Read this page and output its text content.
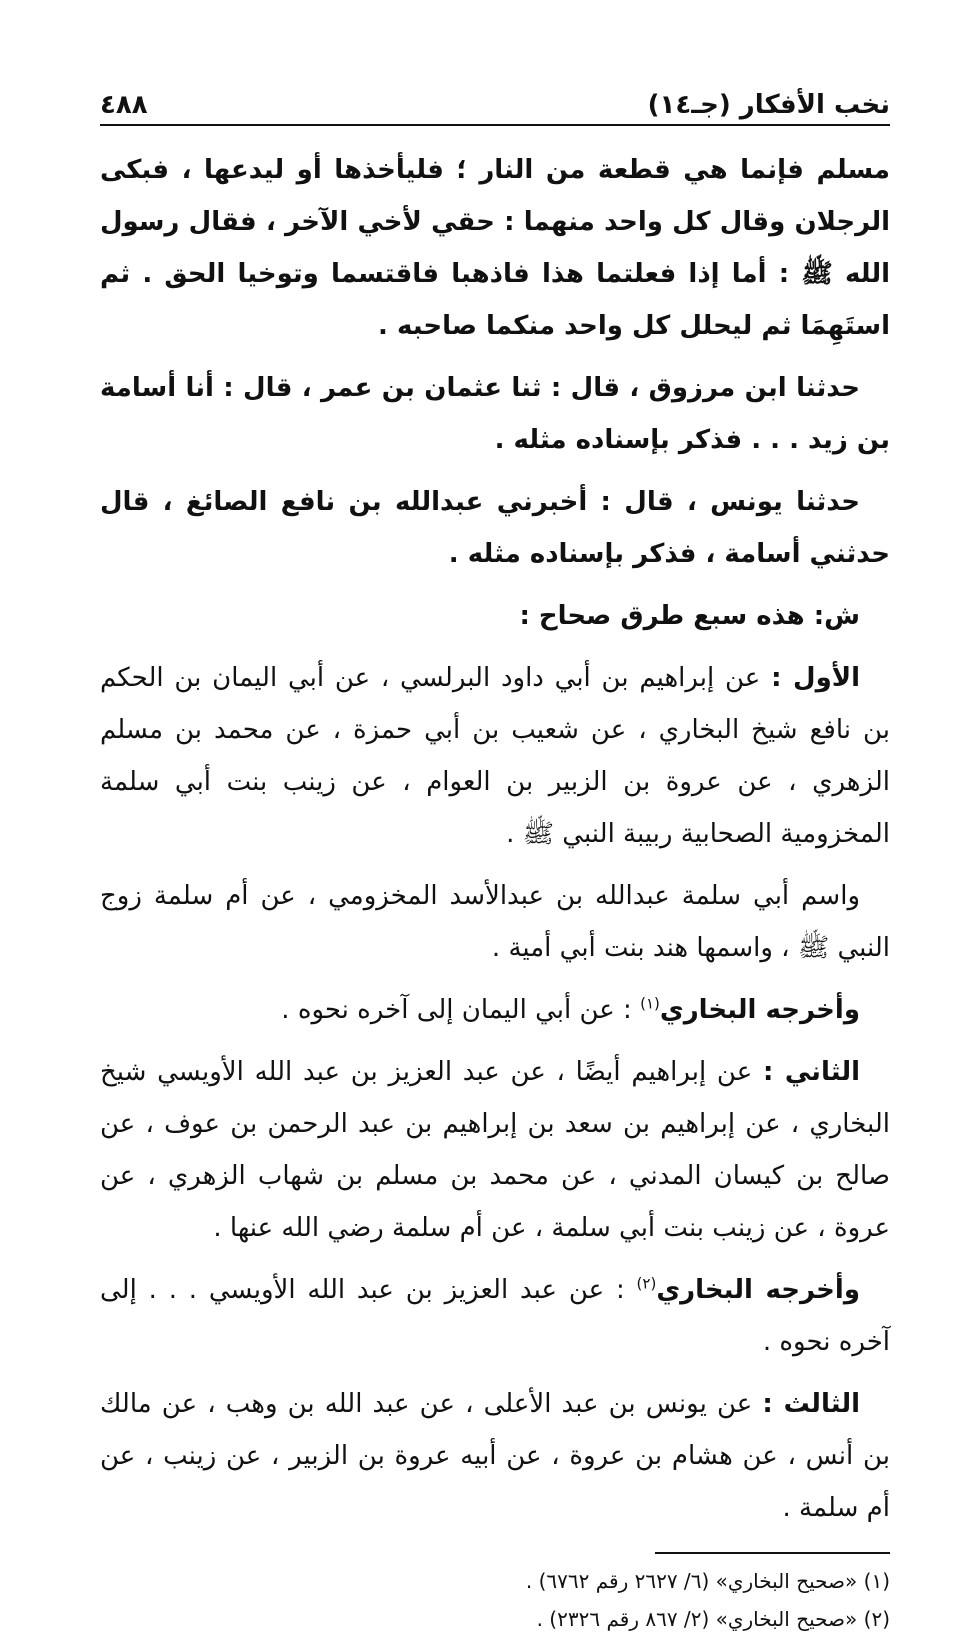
نخب الأفكار (جـ١٤)
٤٨٨

مسلم فإنما هي قطعة من النار ؛ فليأخذها أو ليدعها ، فبكى الرجلان وقال كل واحد منهما : حقي لأخي الآخر ، فقال رسول الله ﷺ : أما إذا فعلتما هذا فاذهبا فاقتسما وتوخيا الحق . ثم استَهِمَا ثم ليحلل كل واحد منكما صاحبه .

حدثنا ابن مرزوق ، قال : ثنا عثمان بن عمر ، قال : أنا أسامة بن زيد . . . فذكر بإسناده مثله .

حدثنا يونس ، قال : أخبرني عبدالله بن نافع الصائغ ، قال حدثني أسامة ، فذكر بإسناده مثله .

ش: هذه سبع طرق صحاح :

الأول : عن إبراهيم بن أبي داود البرلسي ، عن أبي اليمان بن الحكم بن نافع شيخ البخاري ، عن شعيب بن أبي حمزة ، عن محمد بن مسلم الزهري ، عن عروة بن الزبير بن العوام ، عن زينب بنت أبي سلمة المخزومية الصحابية ربيبة النبي ﷺ .

واسم أبي سلمة عبدالله بن عبدالأسد المخزومي ، عن أم سلمة زوج النبي ﷺ ، واسمها هند بنت أبي أمية .

وأخرجه البخاري$^{(١)}$ : عن أبي اليمان إلى آخره نحوه .

الثاني : عن إبراهيم أيضًا ، عن عبد العزيز بن عبد الله الأويسي شيخ البخاري ، عن إبراهيم بن سعد بن إبراهيم بن عبد الرحمن بن عوف ، عن صالح بن كيسان المدني ، عن محمد بن مسلم بن شهاب الزهري ، عن عروة ، عن زينب بنت أبي سلمة ، عن أم سلمة رضي الله عنها .

وأخرجه البخاري$^{(٢)}$ : عن عبد العزيز بن عبد الله الأويسي . . . إلى آخره نحوه .

الثالث : عن يونس بن عبد الأعلى ، عن عبد الله بن وهب ، عن مالك بن أنس ، عن هشام بن عروة ، عن أبيه عروة بن الزبير ، عن زينب ، عن أم سلمة .

(١) «صحيح البخاري» (٦/ ٢٦٢٧ رقم ٦٧٦٢) .

(٢) «صحيح البخاري» (٢/ ٨٦٧ رقم ٢٣٢٦) .
